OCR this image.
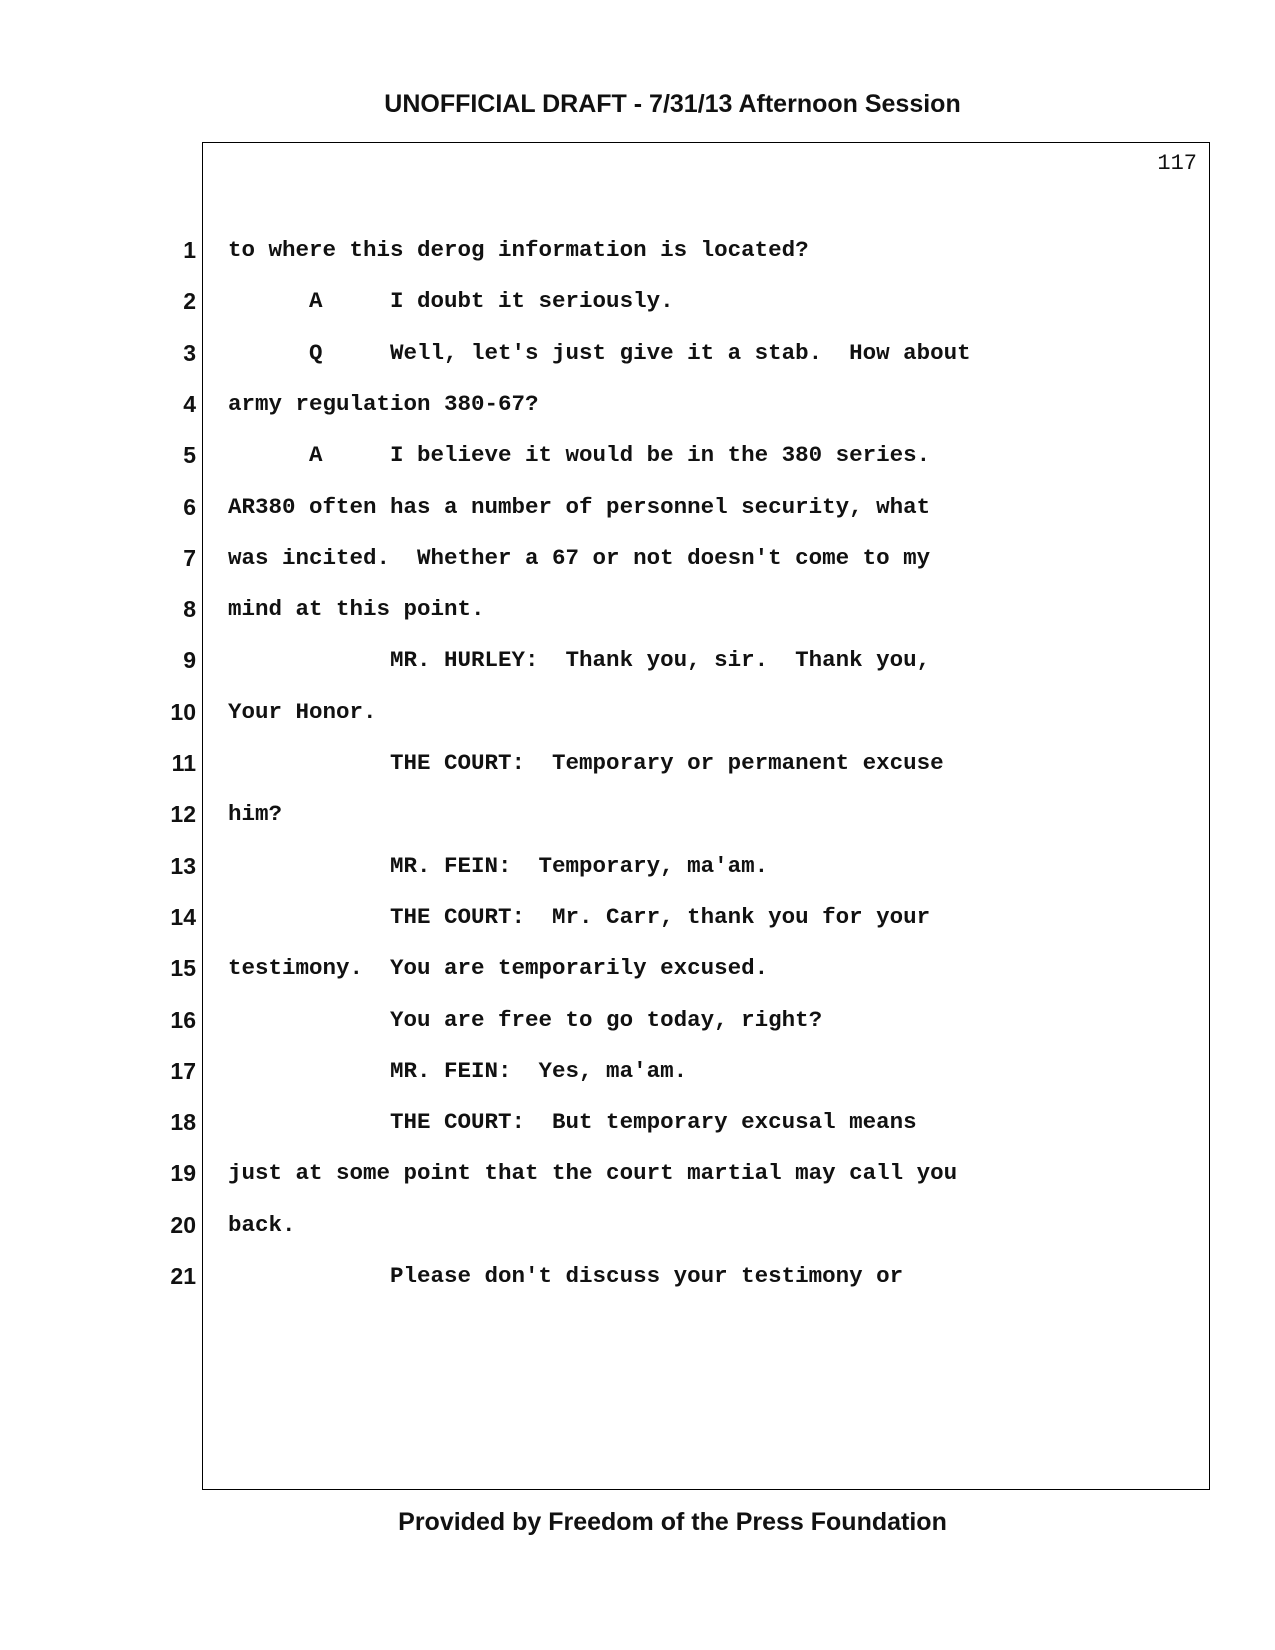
UNOFFICIAL DRAFT - 7/31/13 Afternoon Session
117
1 to where this derog information is located?
2 A     I doubt it seriously.
3 Q     Well, let's just give it a stab.  How about
4 army regulation 380-67?
5 A     I believe it would be in the 380 series.
6 AR380 often has a number of personnel security, what
7 was incited.  Whether a 67 or not doesn't come to my
8 mind at this point.
9 MR. HURLEY:  Thank you, sir.  Thank you,
10 Your Honor.
11 THE COURT:  Temporary or permanent excuse
12 him?
13 MR. FEIN:  Temporary, ma'am.
14 THE COURT:  Mr. Carr, thank you for your
15 testimony.  You are temporarily excused.
16 You are free to go today, right?
17 MR. FEIN:  Yes, ma'am.
18 THE COURT:  But temporary excusal means
19 just at some point that the court martial may call you
20 back.
21 Please don't discuss your testimony or
Provided by Freedom of the Press Foundation
